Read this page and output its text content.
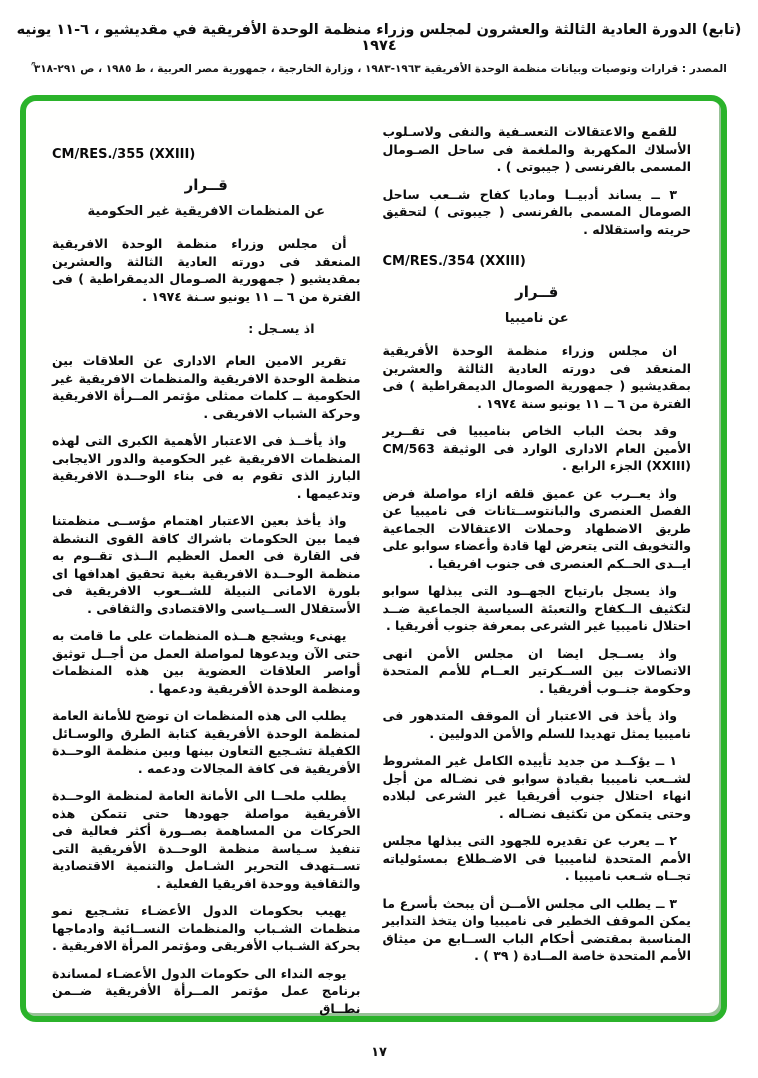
(تابع) الدورة العادية الثالثة والعشرون لمجلس وزراء منظمة الوحدة الأفريقية في مقديشيو ، ٦-١١ يونيه ١٩٧٤
المصدر : قرارات وتوصيات وبيانات منظمة الوحدة الأفريقية ١٩٦٣-١٩٨٣ ، وزارة الخارجية ، جمهورية مصر العربية ، ط ١٩٨٥ ، ص ٢٩١-٣١٨ ؒ

للقمع والاعتقالات التعسـفية والنفى ولاسـلوب الأسلاك المكهربة والملغمة فى ساحل الصـومال المسمى بالفرنسى ( جيبوتى ) .

٣ ــ يساند أدبيــا وماديا كفاح شــعب ساحل الصومال المسمى بالفرنسى ( جيبوتى ) لتحقيق حريته واستقلاله .

CM/RES./354 (XXIII)
قــرار
عن ناميبيا

ان مجلس وزراء منظمة الوحدة الأفريقية المنعقد فى دورته العادية الثالثة والعشرين بمقديشيو ( جمهورية الصومال الديمقراطية ) فى الفترة من ٦ ــ ١١ يونيو سنة ١٩٧٤ .

وقد بحث الباب الخاص بناميبيا فى تقــرير الأمين العام الادارى الوارد فى الوثيقة CM/563 (XXIII) الجزء الرابع .

واذ يعــرب عن عميق قلقه ازاء مواصلة فرض الفصل العنصرى والبانتوســتانات فى ناميبيا عن طريق الاضطهاد وحملات الاعتقالات الجماعية والتخويف التى يتعرض لها قادة وأعضاء سوابو على ايــدى الحــكم العنصرى فى جنوب افريقيا .

واذ يسجل بارتياح الجهــود التى يبذلها سوابو لتكثيف الــكفاح والتعبئة السياسية الجماعية ضــد احتلال ناميبيا غير الشرعى بمعرفة جنوب أفريقيا .

واذ يســجل ايضا ان مجلس الأمن انهى الاتصالات بين الســكرتير العــام للأمم المتحدة وحكومة جنــوب أفريقيا .

واذ يأخذ فى الاعتبار أن الموقف المتدهور فى ناميبيا يمثل تهديدا للسلم والأمن الدوليين .

١ ــ يؤكــد من جديد تأييده الكامل غير المشروط لشــعب ناميبيا بقيادة سوابو فى نضـاله من أجل انهاء احتلال جنوب أفريقيا غير الشرعى لبلاده وحتى يتمكن من تكثيف نضـاله .

٢ ــ يعرب عن تقديره للجهود التى يبذلها مجلس الأمم المتحدة لناميبيا فى الاضـطلاع بمسئولياته تجــاه شـعب ناميبيا .

٣ ــ يطلب الى مجلس الأمــن أن يبحث بأسرع ما يمكن الموقف الخطير فى ناميبيا وان يتخذ التدابير المناسبة بمقتضى أحكام الباب الســابع من ميثاق الأمم المتحدة خاصة المــادة ( ٣٩ ) .

CM/RES./355 (XXIII)
قــرار
عن المنظمات الافريقية غير الحكومية

أن مجلس وزراء منظمة الوحدة الافريقية المنعقد فى دورته العادية الثالثة والعشرين بمقديشيو ( جمهورية الصـومال الديمقراطية ) فى الفترة من ٦ ــ ١١ يونيو سـنة ١٩٧٤ .

اذ يسـجل :

تقرير الامين العام الادارى عن العلاقات بين منظمة الوحدة الافريقية والمنظمات الافريقية غير الحكومية ــ كلمات ممثلى مؤتمر المــرأة الافريقية وحركة الشباب الافريقى .

واذ يأخــذ فى الاعتبار الأهمية الكبرى التى لهذه المنظمات الافريقية غير الحكومية والدور الايجابى البارز الذى تقوم به فى بناء الوحــدة الافريقية وتدعيمها .

واذ يأخذ بعين الاعتبار اهتمام مؤســى منظمتنا فيما بين الحكومات باشراك كافة القوى النشطة فى القارة فى العمل العظيم الــذى تقــوم به منظمة الوحــدة الافريقية بغية تحقيق اهدافها اى بلورة الامانى النبيلة للشــعوب الافريقية فى الأستقلال الســياسى والاقتصادى والثقافى .

يهنىء ويشجع هــذه المنظمات على ما قامت به حتى الآن ويدعوها لمواصلة العمل من أجــل توثيق أواصر العلاقات العضوية بين هذه المنظمات ومنظمة الوحدة الأفريقية ودعمها .

يطلب الى هذه المنظمات ان توضح للأمانة العامة لمنظمة الوحدة الأفريقية كتابة الطرق والوسـائل الكفيلة تشـجيع التعاون بينها وبين منظمة الوحــدة الأفريقية فى كافة المجالات ودعمه .

يطلب ملحــا الى الأمانة العامة لمنظمة الوحــدة الأفريقية مواصلة جهودها حتى تتمكن هذه الحركات من المساهمة بصــورة أكثر فعالية فى تنفيذ سـياسة منظمة الوحــدة الأفريقية التى تســتهدف التحرير الشـامل والتنمية الاقتصادية والثقافية ووحدة افريقيا الفعلية .

يهيب بحكومات الدول الأعضـاء تشـجيع نمو منظمات الشـباب والمنظمات النســائية وادماجها بحركة الشـباب الأفريقى ومؤتمر المرأة الافريقية .

يوجه النداء الى حكومات الدول الأعضـاء لمساندة برنامج عمل مؤتمر المــرأة الأفريقية ضــمن نطــاق

١٧
